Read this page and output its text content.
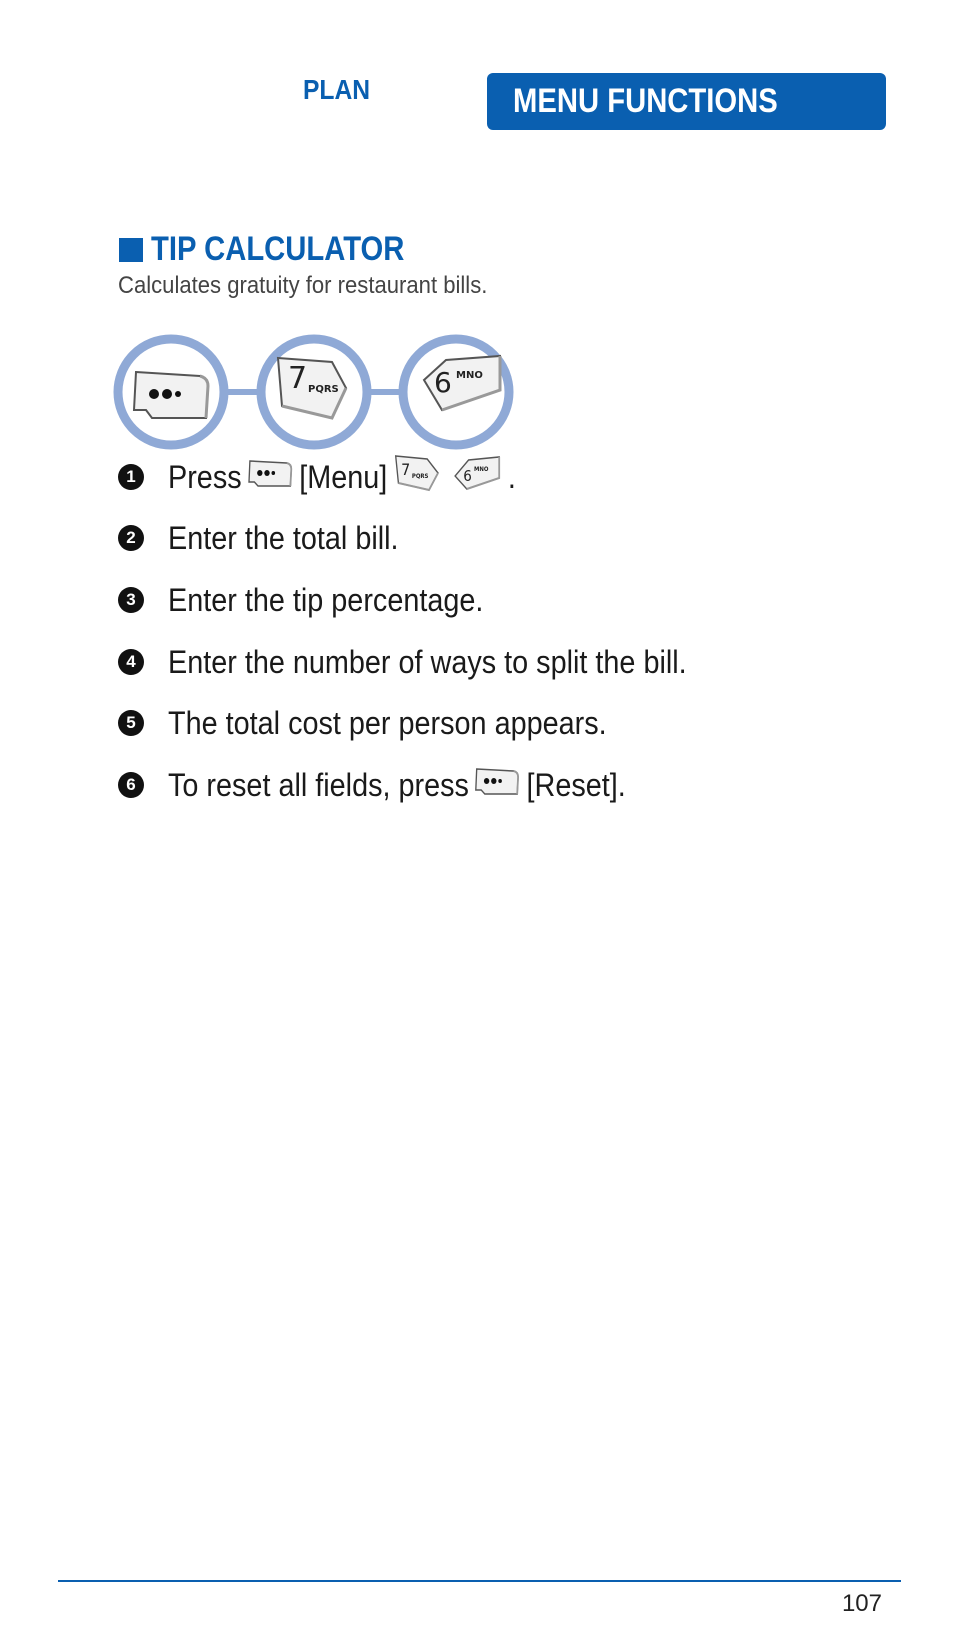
PLAN	MENU FUNCTIONS
TIP CALCULATOR
Calculates gratuity for restaurant bills.
7 PQRS	6 MNO
1 Press [Menu] 7 PQRS 6 MNO .
2 Enter the total bill.
3 Enter the tip percentage.
4 Enter the number of ways to split the bill.
5 The total cost per person appears.
6 To reset all fields, press [Reset].
107
